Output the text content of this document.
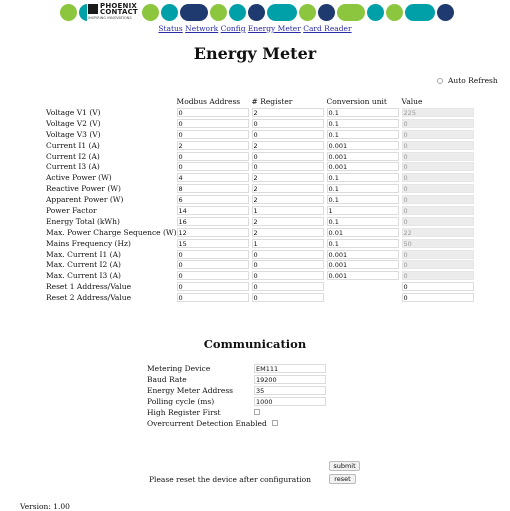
PHOENIX CONTACT
INSPIRING INNOVATIONS
Status Network Config Energy Meter Card Reader
Energy Meter
Auto Refresh
	Modbus Address	# Register	Conversion unit	Value
Voltage V1 (V)	0	2	0.1	225

Voltage V2 (V)	0	0	0.1	0

Voltage V3 (V)	0	0	0.1	0

Current I1 (A)	2	2	0.001	0

Current I2 (A)	0	0	0.001	0

Current I3 (A)	0	0	0.001	0

Active Power (W)	4	2	0.1	0

Reactive Power (W)	8	2	0.1	0

Apparent Power (W)	6	2	0.1	0

Power Factor	14	1	1	0

Energy Total (kWh)	16	2	0.1	0

Max. Power Charge Sequence (W)	12	2	0.01	22

Mains Frequency (Hz)	15	1	0.1	50

Max. Current I1 (A)	0	0	0.001	0

Max. Current I2 (A)	0	0	0.001	0

Max. Current I3 (A)	0	0	0.001	0

Reset 1 Address/Value	0	0		0

Reset 2 Address/Value	0	0		0
Communication
Metering Device	EM111

Baud Rate	19200

Energy Meter Address	35

Polling cycle (ms)	1000

High Register First	
Overcurrent Detection Enabled	
submit
reset
Please reset the device after configuration
Version: 1.00
